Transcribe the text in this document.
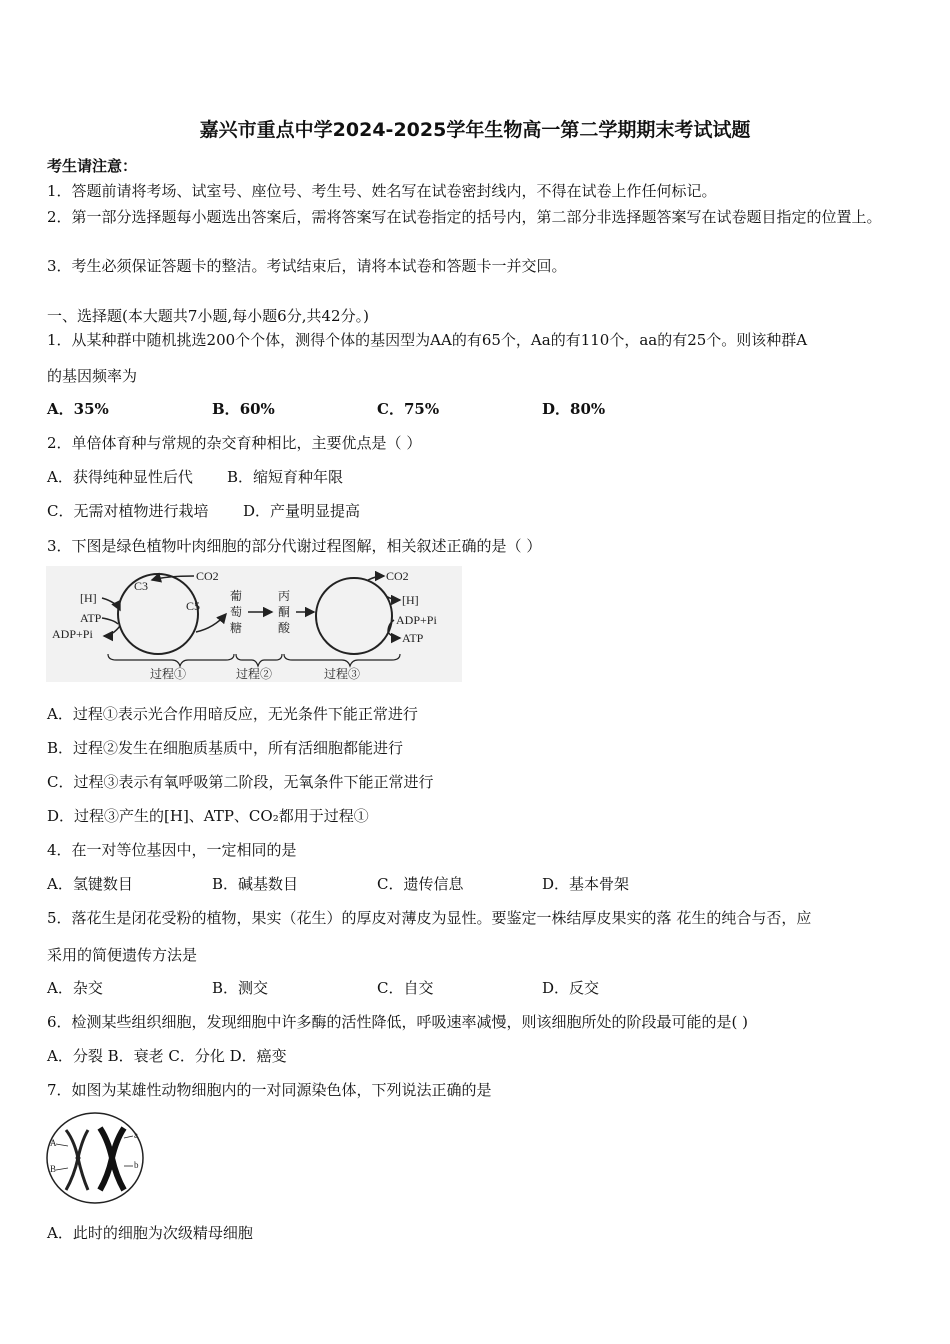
嘉兴市重点中学2024-2025学年生物高一第二学期期末考试试题
考生请注意：
1．答题前请将考场、试室号、座位号、考生号、姓名写在试卷密封线内，不得在试卷上作任何标记。
2．第一部分选择题每小题选出答案后，需将答案写在试卷指定的括号内，第二部分非选择题答案写在试卷题目指定的位置上。
3．考生必须保证答题卡的整洁。考试结束后，请将本试卷和答题卡一并交回。
一、选择题(本大题共7小题,每小题6分,共42分。)
1．从某种群中随机挑选200个个体，测得个体的基因型为AA的有65个，Aa的有110个，aa的有25个。则该种群A
的基因频率为
A．35%	B．60%	C．75%	D．80%
2．单倍体育种与常规的杂交育种相比，主要优点是（ ）
A．获得纯种显性后代 B．缩短育种年限
C．无需对植物进行栽培 D．产量明显提高
3．下图是绿色植物叶肉细胞的部分代谢过程图解，相关叙述正确的是（ ）
C3
C5
CO2
[H]
ATP
ADP+Pi
葡
萄
糖
丙
酮
酸
CO2
[H]
ADP+Pi
ATP
过程①	过程②	过程③
A．过程①表示光合作用暗反应，无光条件下能正常进行
B．过程②发生在细胞质基质中，所有活细胞都能进行
C．过程③表示有氧呼吸第二阶段，无氧条件下能正常进行
D．过程③产生的[H]、ATP、CO₂都用于过程①
4．在一对等位基因中，一定相同的是
A．氢键数目	B．碱基数目	C．遗传信息	D．基本骨架
5．落花生是闭花受粉的植物，果实（花生）的厚皮对薄皮为显性。要鉴定一株结厚皮果实的落 花生的纯合与否，应
采用的简便遗传方法是
A．杂交	B．测交	C．自交	D．反交
6．检测某些组织细胞，发现细胞中许多酶的活性降低，呼吸速率减慢，则该细胞所处的阶段最可能的是( )
A．分裂 B．衰老 C．分化 D．癌变
7．如图为某雄性动物细胞内的一对同源染色体，下列说法正确的是
A
B
a
b
A．此时的细胞为次级精母细胞
